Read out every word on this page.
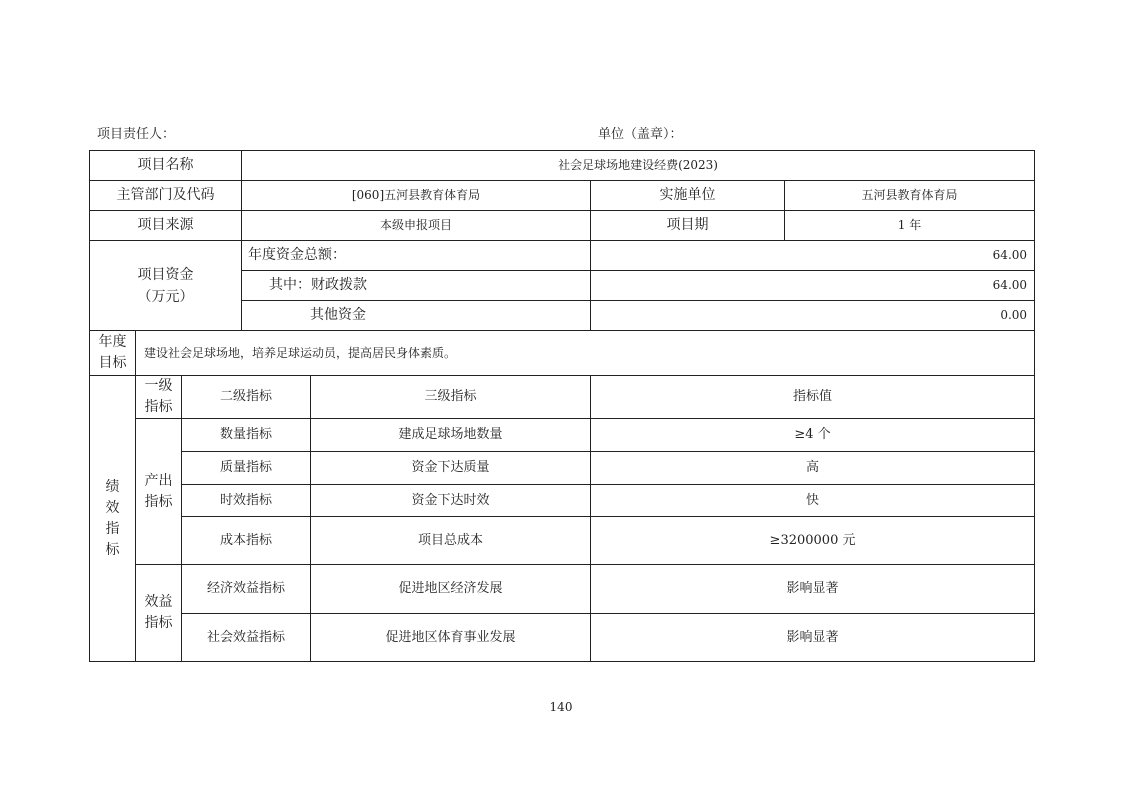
项目责任人：	单位（盖章）：
项目名称			社会足球场地建设经费(2023)			
主管部门及代码			[060]五河县教育体育局		实施单位	五河县教育体育局
项目来源			本级申报项目		项目期	1 年

项目资金
（万元）			年度资金总额：		64.00	
			其中：财政拨款		64.00	
			其他资金		0.00	
年度目标	建设社会足球场地，培养足球运动员，提高居民身体素质。					
绩效指标	一级指标	二级指标		三级指标	指标值	
	产出指标	数量指标		建成足球场地数量	≥4 个	
		质量指标		资金下达质量	高	
		时效指标		资金下达时效	快	
		成本指标		项目总成本	≥3200000 元	
	效益指标	经济效益指标		促进地区经济发展	影响显著	
		社会效益指标		促进地区体育事业发展	影响显著	
140
